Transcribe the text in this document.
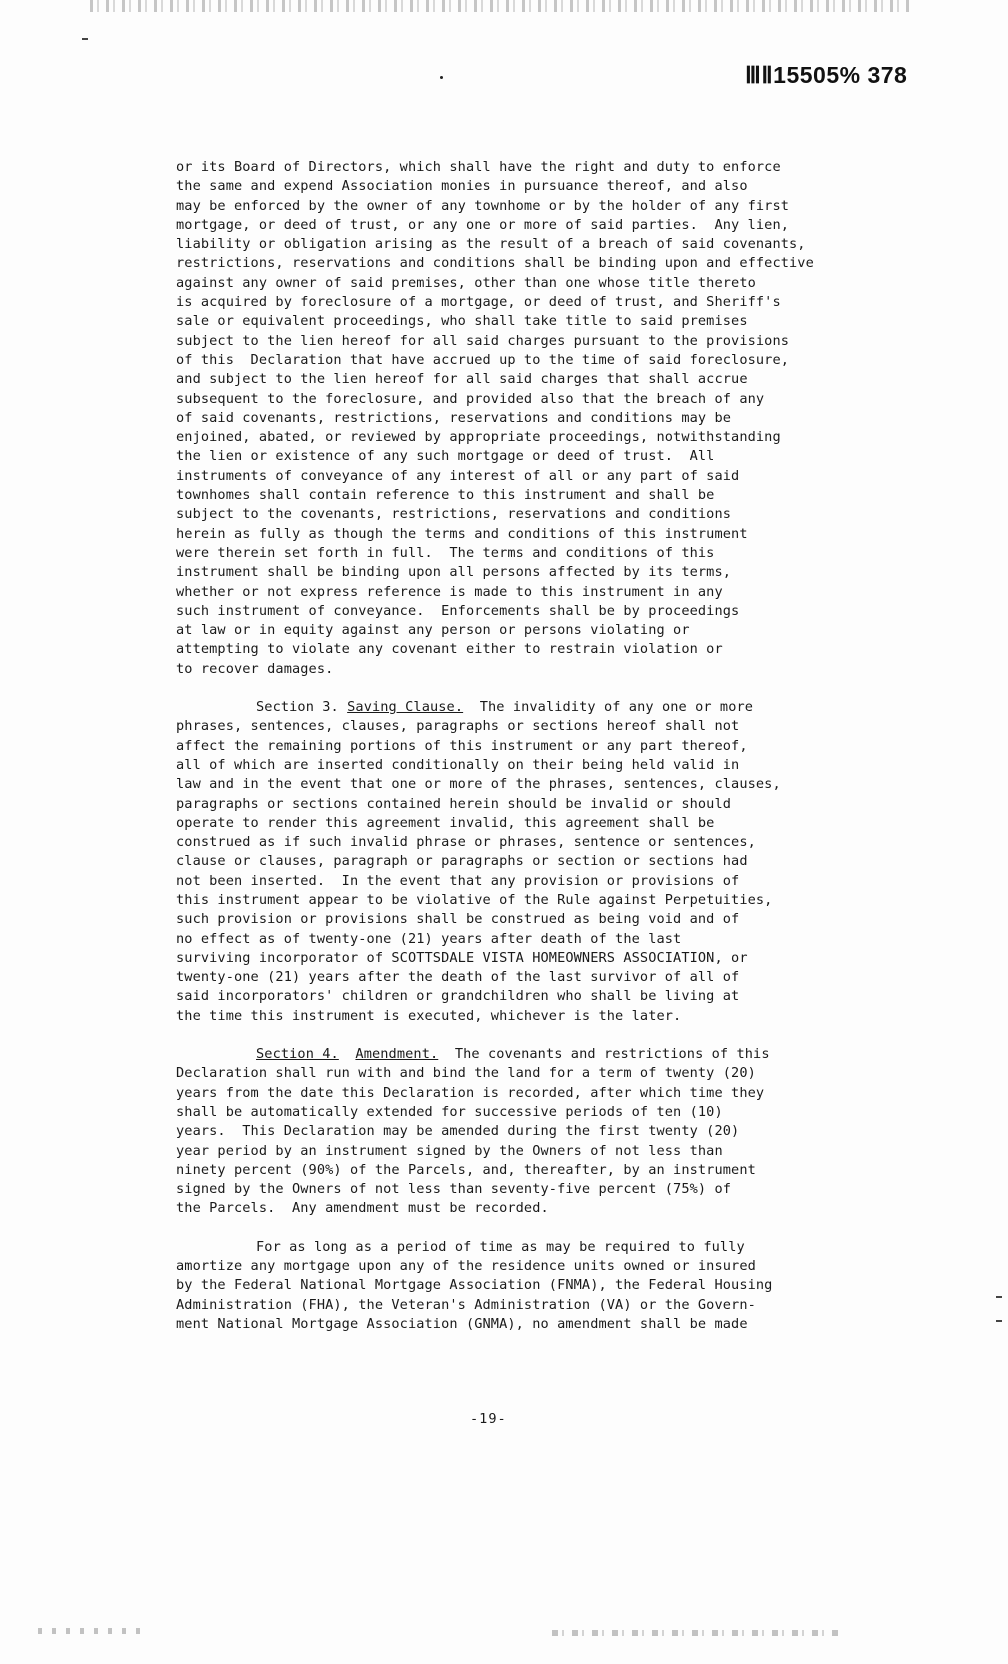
ⅢⅡ15505% 378
or its Board of Directors, which shall have the right and duty to enforce
the same and expend Association monies in pursuance thereof, and also
may be enforced by the owner of any townhome or by the holder of any first
mortgage, or deed of trust, or any one or more of said parties.  Any lien,
liability or obligation arising as the result of a breach of said covenants,
restrictions, reservations and conditions shall be binding upon and effective
against any owner of said premises, other than one whose title thereto
is acquired by foreclosure of a mortgage, or deed of trust, and Sheriff's
sale or equivalent proceedings, who shall take title to said premises
subject to the lien hereof for all said charges pursuant to the provisions
of this  Declaration that have accrued up to the time of said foreclosure,
and subject to the lien hereof for all said charges that shall accrue
subsequent to the foreclosure, and provided also that the breach of any
of said covenants, restrictions, reservations and conditions may be
enjoined, abated, or reviewed by appropriate proceedings, notwithstanding
the lien or existence of any such mortgage or deed of trust.  All
instruments of conveyance of any interest of all or any part of said
townhomes shall contain reference to this instrument and shall be
subject to the covenants, restrictions, reservations and conditions
herein as fully as though the terms and conditions of this instrument
were therein set forth in full.  The terms and conditions of this
instrument shall be binding upon all persons affected by its terms,
whether or not express reference is made to this instrument in any
such instrument of conveyance.  Enforcements shall be by proceedings
at law or in equity against any person or persons violating or
attempting to violate any covenant either to restrain violation or
to recover damages.
Section 3. Saving Clause.  The invalidity of any one or more
phrases, sentences, clauses, paragraphs or sections hereof shall not
affect the remaining portions of this instrument or any part thereof,
all of which are inserted conditionally on their being held valid in
law and in the event that one or more of the phrases, sentences, clauses,
paragraphs or sections contained herein should be invalid or should
operate to render this agreement invalid, this agreement shall be
construed as if such invalid phrase or phrases, sentence or sentences,
clause or clauses, paragraph or paragraphs or section or sections had
not been inserted.  In the event that any provision or provisions of
this instrument appear to be violative of the Rule against Perpetuities,
such provision or provisions shall be construed as being void and of
no effect as of twenty-one (21) years after death of the last
surviving incorporator of SCOTTSDALE VISTA HOMEOWNERS ASSOCIATION, or
twenty-one (21) years after the death of the last survivor of all of
said incorporators' children or grandchildren who shall be living at
the time this instrument is executed, whichever is the later.
Section 4. Amendment.  The covenants and restrictions of this
Declaration shall run with and bind the land for a term of twenty (20)
years from the date this Declaration is recorded, after which time they
shall be automatically extended for successive periods of ten (10)
years.  This Declaration may be amended during the first twenty (20)
year period by an instrument signed by the Owners of not less than
ninety percent (90%) of the Parcels, and, thereafter, by an instrument
signed by the Owners of not less than seventy-five percent (75%) of
the Parcels.  Any amendment must be recorded.
For as long as a period of time as may be required to fully
amortize any mortgage upon any of the residence units owned or insured
by the Federal National Mortgage Association (FNMA), the Federal Housing
Administration (FHA), the Veteran's Administration (VA) or the Govern-
ment National Mortgage Association (GNMA), no amendment shall be made
-19-
